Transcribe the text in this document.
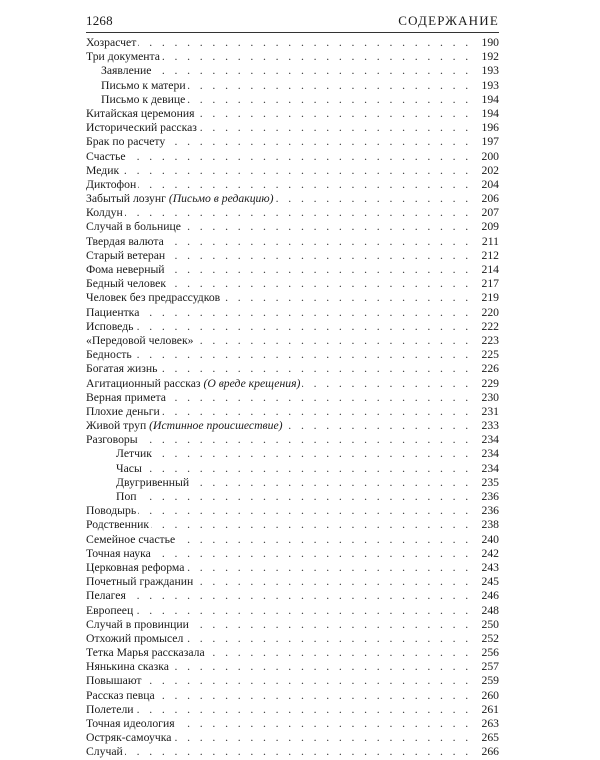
1268	СОДЕРЖАНИЕ
. . .
Хозрасчет	190
. . .
Три документа	192
. . .
Заявление	193
. . .
Письмо к матери	193
. . .
Письмо к девице	194
. . .
Китайская церемония	194
. . .
Исторический рассказ	196
. . .
Брак по расчету	197
. . .
Счастье	200
. . .
Медик	202
. . .
Диктофон	204
. . .
Забытый лозунг (Письмо в редакцию)	206
. . .
Колдун	207
. . .
Случай в больнице	209
. . .
Твердая валюта	211
. . .
Старый ветеран	212
. . .
Фома неверный	214
. . .
Бедный человек	217
. . .
Человек без предрассудков	219
. . .
Пациентка	220
. . .
Исповедь	222
. . .
«Передовой человек»	223
. . .
Бедность	225
. . .
Богатая жизнь	226
. . .
Агитационный рассказ (О вреде крещения)	229
. . .
Верная примета	230
. . .
Плохие деньги	231
. . .
Живой труп (Истинное происшествие)	233
. . .
Разговоры	234
. . .
Летчик	234
. . .
Часы	234
. . .
Двугривенный	235
. . .
Поп	236
. . .
Поводырь	236
. . .
Родственник	238
. . .
Семейное счастье	240
. . .
Точная наука	242
. . .
Церковная реформа	243
. . .
Почетный гражданин	245
. . .
Пелагея	246
. . .
Европеец	248
. . .
Случай в провинции	250
. . .
Отхожий промысел	252
. . .
Тетка Марья рассказала	256
. . .
Нянькина сказка	257
. . .
Повышают	259
. . .
Рассказ певца	260
. . .
Полетели	261
. . .
Точная идеология	263
. . .
Остряк-самоучка	265
. . .
Случай	266
